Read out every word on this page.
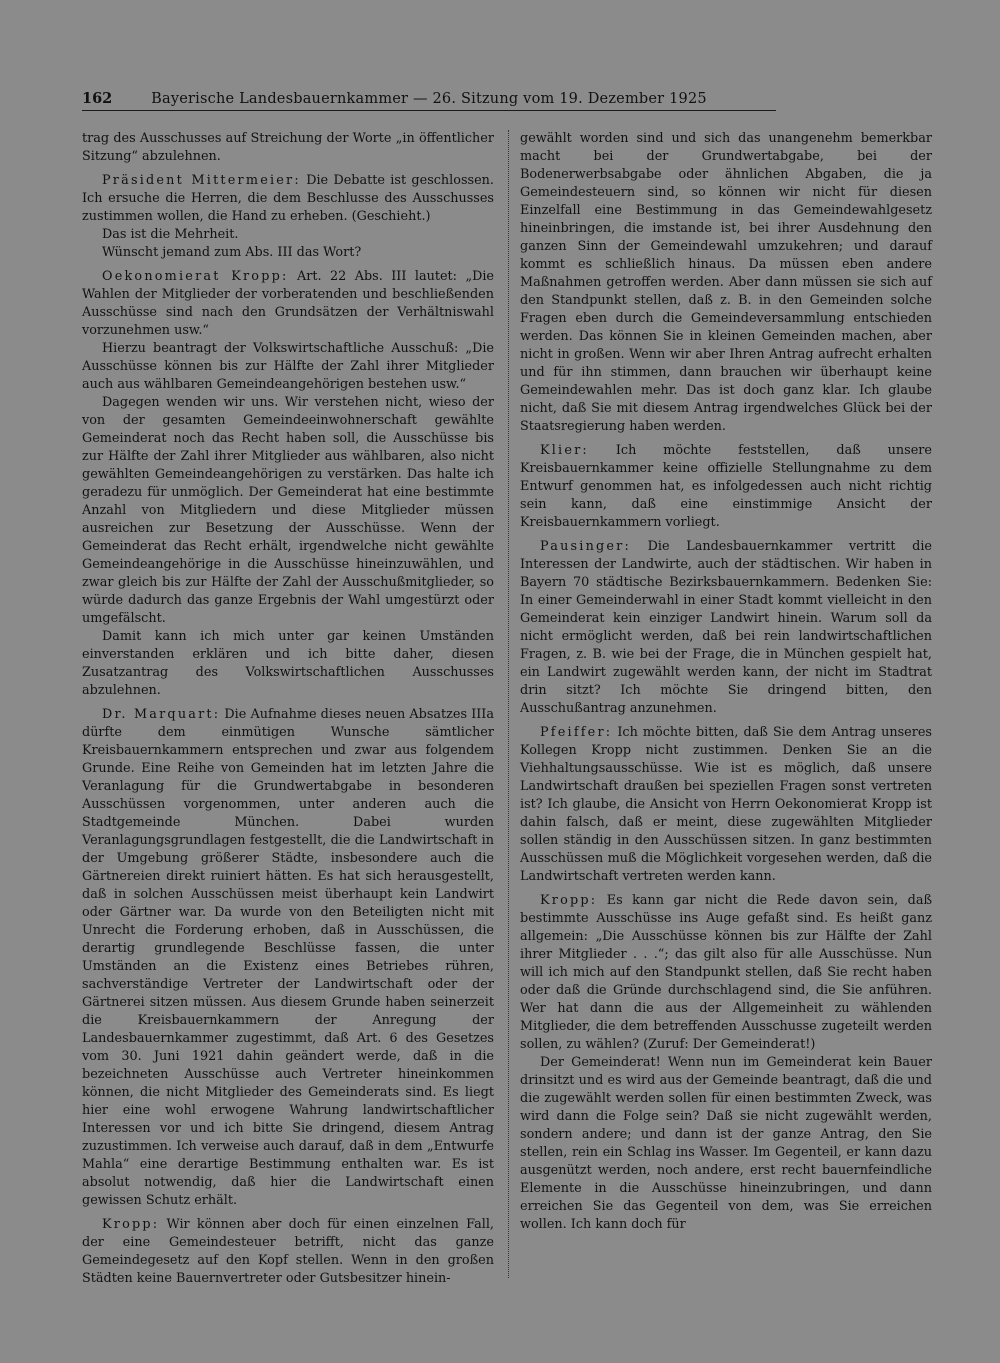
162	Bayerische Landesbauernkammer — 26. Sitzung vom 19. Dezember 1925

trag des Ausschusses auf Streichung der Worte „in öffentlicher Sitzung“ abzulehnen.

Präsident Mittermeier: Die Debatte ist geschlossen. Ich ersuche die Herren, die dem Beschlusse des Ausschusses zustimmen wollen, die Hand zu erheben. (Geschieht.)

Das ist die Mehrheit.

Wünscht jemand zum Abs. III das Wort?

Oekonomierat Kropp: Art. 22 Abs. III lautet: „Die Wahlen der Mitglieder der vorberatenden und beschließenden Ausschüsse sind nach den Grundsätzen der Verhältniswahl vorzunehmen usw.“

Hierzu beantragt der Volkswirtschaftliche Ausschuß: „Die Ausschüsse können bis zur Hälfte der Zahl ihrer Mitglieder auch aus wählbaren Gemeindeangehörigen bestehen usw.“

Dagegen wenden wir uns. Wir verstehen nicht, wieso der von der gesamten Gemeindeeinwohnerschaft gewählte Gemeinderat noch das Recht haben soll, die Ausschüsse bis zur Hälfte der Zahl ihrer Mitglieder aus wählbaren, also nicht gewählten Gemeindeangehörigen zu verstärken. Das halte ich geradezu für unmöglich. Der Gemeinderat hat eine bestimmte Anzahl von Mitgliedern und diese Mitglieder müssen ausreichen zur Besetzung der Ausschüsse. Wenn der Gemeinderat das Recht erhält, irgendwelche nicht gewählte Gemeindeangehörige in die Ausschüsse hineinzuwählen, und zwar gleich bis zur Hälfte der Zahl der Ausschußmitglieder, so würde dadurch das ganze Ergebnis der Wahl umgestürzt oder umgefälscht.

Damit kann ich mich unter gar keinen Umständen einverstanden erklären und ich bitte daher, diesen Zusatzantrag des Volkswirtschaftlichen Ausschusses abzulehnen.

Dr. Marquart: Die Aufnahme dieses neuen Absatzes IIIa dürfte dem einmütigen Wunsche sämtlicher Kreisbauernkammern entsprechen und zwar aus folgendem Grunde. Eine Reihe von Gemeinden hat im letzten Jahre die Veranlagung für die Grundwertabgabe in besonderen Ausschüssen vorgenommen, unter anderen auch die Stadtgemeinde München. Dabei wurden Veranlagungsgrundlagen festgestellt, die die Landwirtschaft in der Umgebung größerer Städte, insbesondere auch die Gärtnereien direkt ruiniert hätten. Es hat sich herausgestellt, daß in solchen Ausschüssen meist überhaupt kein Landwirt oder Gärtner war. Da wurde von den Beteiligten nicht mit Unrecht die Forderung erhoben, daß in Ausschüssen, die derartig grundlegende Beschlüsse fassen, die unter Umständen an die Existenz eines Betriebes rühren, sachverständige Vertreter der Landwirtschaft oder der Gärtnerei sitzen müssen. Aus diesem Grunde haben seinerzeit die Kreisbauernkammern der Anregung der Landesbauernkammer zugestimmt, daß Art. 6 des Gesetzes vom 30. Juni 1921 dahin geändert werde, daß in die bezeichneten Ausschüsse auch Vertreter hineinkommen können, die nicht Mitglieder des Gemeinderats sind. Es liegt hier eine wohl erwogene Wahrung landwirtschaftlicher Interessen vor und ich bitte Sie dringend, diesem Antrag zuzustimmen. Ich verweise auch darauf, daß in dem „Entwurfe Mahla“ eine derartige Bestimmung enthalten war. Es ist absolut notwendig, daß hier die Landwirtschaft einen gewissen Schutz erhält.

Kropp: Wir können aber doch für einen einzelnen Fall, der eine Gemeindesteuer betrifft, nicht das ganze Gemeindegesetz auf den Kopf stellen. Wenn in den großen Städten keine Bauernvertreter oder Gutsbesitzer hinein-

gewählt worden sind und sich das unangenehm bemerkbar macht bei der Grundwertabgabe, bei der Bodenerwerbsabgabe oder ähnlichen Abgaben, die ja Gemeindesteuern sind, so können wir nicht für diesen Einzelfall eine Bestimmung in das Gemeindewahlgesetz hineinbringen, die imstande ist, bei ihrer Ausdehnung den ganzen Sinn der Gemeindewahl umzukehren; und darauf kommt es schließlich hinaus. Da müssen eben andere Maßnahmen getroffen werden. Aber dann müssen sie sich auf den Standpunkt stellen, daß z. B. in den Gemeinden solche Fragen eben durch die Gemeindeversammlung entschieden werden. Das können Sie in kleinen Gemeinden machen, aber nicht in großen. Wenn wir aber Ihren Antrag aufrecht erhalten und für ihn stimmen, dann brauchen wir überhaupt keine Gemeindewahlen mehr. Das ist doch ganz klar. Ich glaube nicht, daß Sie mit diesem Antrag irgendwelches Glück bei der Staatsregierung haben werden.

Klier: Ich möchte feststellen, daß unsere Kreisbauernkammer keine offizielle Stellungnahme zu dem Entwurf genommen hat, es infolgedessen auch nicht richtig sein kann, daß eine einstimmige Ansicht der Kreisbauernkammern vorliegt.

Pausinger: Die Landesbauernkammer vertritt die Interessen der Landwirte, auch der städtischen. Wir haben in Bayern 70 städtische Bezirksbauernkammern. Bedenken Sie: In einer Gemeinderwahl in einer Stadt kommt vielleicht in den Gemeinderat kein einziger Landwirt hinein. Warum soll da nicht ermöglicht werden, daß bei rein landwirtschaftlichen Fragen, z. B. wie bei der Frage, die in München gespielt hat, ein Landwirt zugewählt werden kann, der nicht im Stadtrat drin sitzt? Ich möchte Sie dringend bitten, den Ausschußantrag anzunehmen.

Pfeiffer: Ich möchte bitten, daß Sie dem Antrag unseres Kollegen Kropp nicht zustimmen. Denken Sie an die Viehhaltungsausschüsse. Wie ist es möglich, daß unsere Landwirtschaft draußen bei speziellen Fragen sonst vertreten ist? Ich glaube, die Ansicht von Herrn Oekonomierat Kropp ist dahin falsch, daß er meint, diese zugewählten Mitglieder sollen ständig in den Ausschüssen sitzen. In ganz bestimmten Ausschüssen muß die Möglichkeit vorgesehen werden, daß die Landwirtschaft vertreten werden kann.

Kropp: Es kann gar nicht die Rede davon sein, daß bestimmte Ausschüsse ins Auge gefaßt sind. Es heißt ganz allgemein: „Die Ausschüsse können bis zur Hälfte der Zahl ihrer Mitglieder . . .“; das gilt also für alle Ausschüsse. Nun will ich mich auf den Standpunkt stellen, daß Sie recht haben oder daß die Gründe durchschlagend sind, die Sie anführen. Wer hat dann die aus der Allgemeinheit zu wählenden Mitglieder, die dem betreffenden Ausschusse zugeteilt werden sollen, zu wählen? (Zuruf: Der Gemeinderat!)

Der Gemeinderat! Wenn nun im Gemeinderat kein Bauer drinsitzt und es wird aus der Gemeinde beantragt, daß die und die zugewählt werden sollen für einen bestimmten Zweck, was wird dann die Folge sein? Daß sie nicht zugewählt werden, sondern andere; und dann ist der ganze Antrag, den Sie stellen, rein ein Schlag ins Wasser. Im Gegenteil, er kann dazu ausgenützt werden, noch andere, erst recht bauernfeindliche Elemente in die Ausschüsse hineinzubringen, und dann erreichen Sie das Gegenteil von dem, was Sie erreichen wollen. Ich kann doch für
